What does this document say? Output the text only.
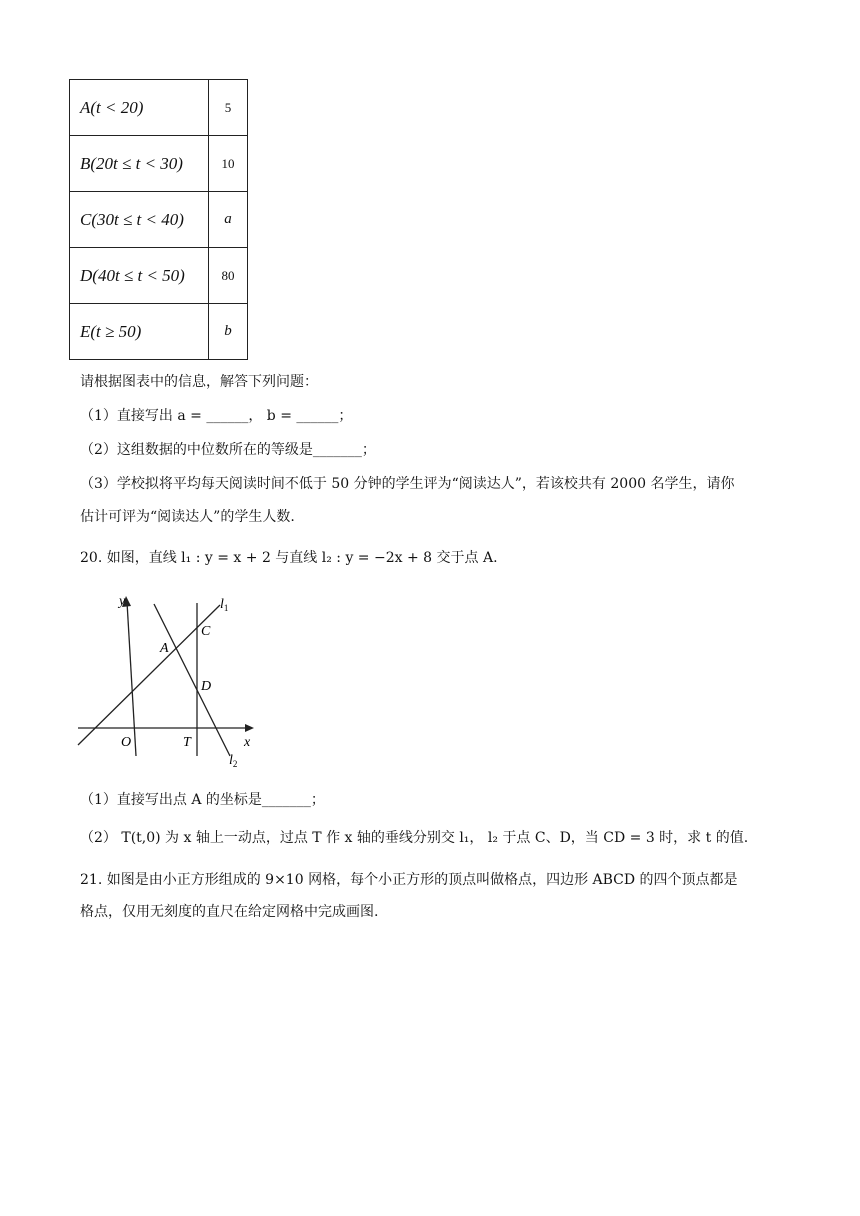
A(t < 20)	5
B(20t ≤ t < 30)	10
C(30t ≤ t < 40)	a
D(40t ≤ t < 50)	80
E(t ≥ 50)	b
请根据图表中的信息，解答下列问题：
（1）直接写出 a = ______， b = ______；
（2）这组数据的中位数所在的等级是_______；
（3）学校拟将平均每天阅读时间不低于 50 分钟的学生评为“阅读达人”，若该校共有 2000 名学生，请你
估计可评为“阅读达人”的学生人数.
20. 如图，直线 l₁ : y = x + 2 与直线 l₂ : y = −2x + 8 交于点 A.
y
x
O	T
A
C
D
$l_1$
$l_2$
（1）直接写出点 A 的坐标是_______；
（2） T(t,0) 为 x 轴上一动点，过点 T 作 x 轴的垂线分别交 l₁， l₂ 于点 C、D，当 CD = 3 时，求 t 的值.
21. 如图是由小正方形组成的 9×10 网格，每个小正方形的顶点叫做格点，四边形 ABCD 的四个顶点都是
格点，仅用无刻度的直尺在给定网格中完成画图.
